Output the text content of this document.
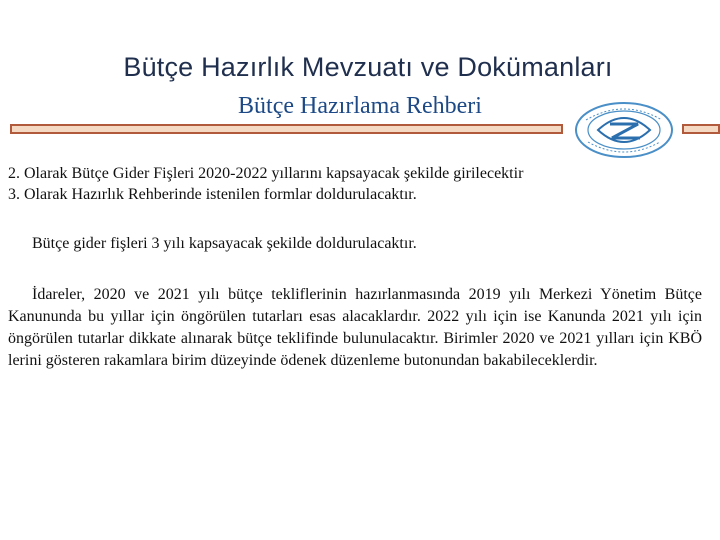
Bütçe Hazırlık Mevzuatı ve Dokümanları
Bütçe Hazırlama Rehberi
2. Olarak Bütçe Gider Fişleri 2020-2022 yıllarını kapsayacak şekilde girilecektir
3. Olarak Hazırlık Rehberinde istenilen formlar doldurulacaktır.
Bütçe gider fişleri 3 yılı kapsayacak şekilde doldurulacaktır.
İdareler, 2020 ve 2021 yılı bütçe tekliflerinin hazırlanmasında 2019 yılı Merkezi Yönetim Bütçe Kanununda bu yıllar için öngörülen tutarları esas alacaklardır. 2022 yılı için ise Kanunda 2021 yılı için öngörülen tutarlar dikkate alınarak bütçe teklifinde bulunulacaktır. Birimler 2020 ve 2021 yılları için KBÖ lerini gösteren rakamlara birim düzeyinde ödenek düzenleme butonundan bakabileceklerdir.
